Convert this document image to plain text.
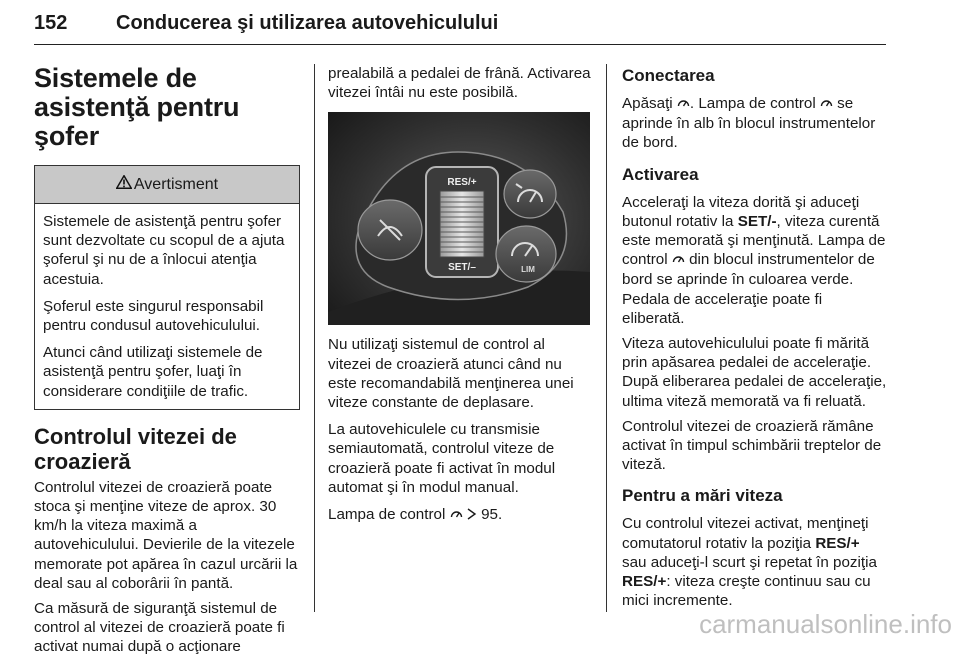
152 Conducerea şi utilizarea autovehiculului
Sistemele de asistenţă pentru şofer
Avertisment

Sistemele de asistenţă pentru şofer sunt dezvoltate cu scopul de a ajuta şoferul şi nu de a înlocui atenţia acestuia.

Şoferul este singurul responsabil pentru condusul autovehiculului.

Atunci când utilizaţi sistemele de asistenţă pentru şofer, luaţi în considerare condiţiile de trafic.

Controlul vitezei de croazieră

Controlul vitezei de croazieră poate stoca şi menţine viteze de aprox. 30 km/h la viteza maximă a autovehiculului. Devierile de la vitezele memorate pot apărea în cazul urcării la deal sau al coborârii în pantă.

Ca măsură de siguranţă sistemul de control al vitezei de croazieră poate fi activat numai după o acţionare

prealabilă a pedalei de frână. Activarea vitezei întâi nu este posibilă.

RES/+
SET/–	LIM

Nu utilizaţi sistemul de control al vitezei de croazieră atunci când nu este recomandabilă menţinerea unei viteze constante de deplasare.

La autovehiculele cu transmisie semiautomată, controlul viteze de croazieră poate fi activat în modul automat şi în modul manual.

Lampa de control 95.

Conectarea

Apăsaţi . Lampa de control se aprinde în alb în blocul instrumentelor de bord.

Activarea

Acceleraţi la viteza dorită şi aduceţi butonul rotativ la SET/-, viteza curentă este memorată şi menţinută. Lampa de control din blocul instrumentelor de bord se aprinde în culoarea verde. Pedala de acceleraţie poate fi eliberată.

Viteza autovehiculului poate fi mărită prin apăsarea pedalei de acceleraţie. După eliberarea pedalei de acceleraţie, ultima viteză memorată va fi reluată.

Controlul vitezei de croazieră rămâne activat în timpul schimbării treptelor de viteză.

Pentru a mări viteza

Cu controlul vitezei activat, menţineţi comutatorul rotativ la poziţia RES/+ sau aduceţi-l scurt şi repetat în poziţia RES/+: viteza creşte continuu sau cu mici incremente.

carmanualsonline.info
